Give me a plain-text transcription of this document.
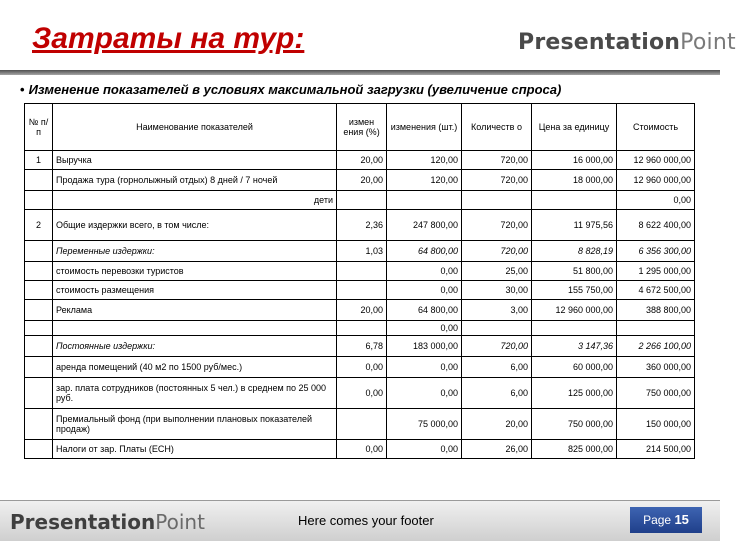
Затраты на тур:	PresentationPoint
• Изменение показателей в условиях максимальной загрузки (увеличение спроса)
№ п/п	Наименование показателей	измен ения (%)	изменения (шт.)	Количеств о	Цена за единицу	Стоимость
1	Выручка	20,00	120,00	720,00	16 000,00	12 960 000,00
	Продажа тура (горнолыжный отдых) 8 дней / 7 ночей	20,00	120,00	720,00	18 000,00	12 960 000,00
	дети					0,00
2	Общие издержки всего, в том числе:	2,36	247 800,00	720,00	11 975,56	8 622 400,00
	Переменные издержки:	1,03	64 800,00	720,00	8 828,19	6 356 300,00
	стоимость перевозки туристов		0,00	25,00	51 800,00	1 295 000,00
	стоимость размещения		0,00	30,00	155 750,00	4 672 500,00
	Реклама	20,00	64 800,00	3,00	12 960 000,00	388 800,00
			0,00			
	Постоянные издержки:	6,78	183 000,00	720,00	3 147,36	2 266 100,00
	аренда помещений (40 м2 по 1500 руб/мес.)	0,00	0,00	6,00	60 000,00	360 000,00
	зар. плата сотрудников (постоянных 5 чел.) в среднем по 25 000 руб.	0,00	0,00	6,00	125 000,00	750 000,00
	Премиальный фонд (при выполнении плановых показателей продаж)		75 000,00	20,00	750 000,00	150 000,00
	Налоги от зар. Платы (ЕСН)	0,00	0,00	26,00	825 000,00	214 500,00
PresentationPoint	Here comes your footer	Page 15
